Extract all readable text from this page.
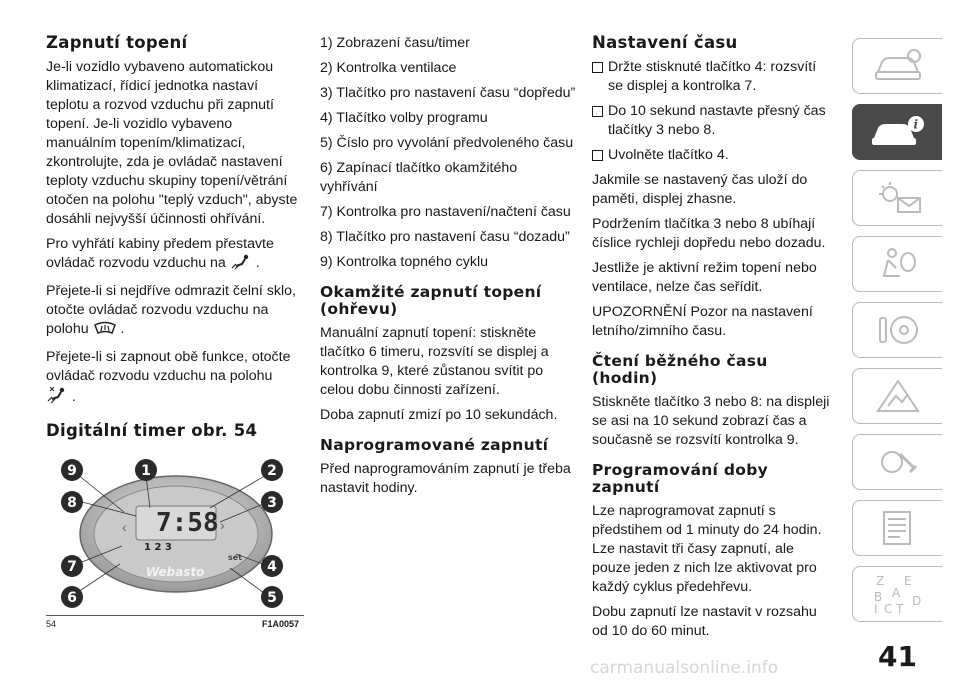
Zapnutí topení

Je-li vozidlo vybaveno automatickou klimatizací, řídicí jednotka nastaví teplotu a rozvod vzduchu při zapnutí topení. Je-li vozidlo vybaveno manuálním topením/klimatizací, zkontrolujte, zda je ovládač nastavení teploty vzduchu skupiny topení/větrání otočen na polohu "teplý vzduch", abyste dosáhli nejvyšší účinnosti ohřívání.

Pro vyhřátí kabiny předem přestavte ovládač rozvodu vzduchu na .

Přejete-li si nejdříve odmrazit čelní sklo, otočte ovládač rozvodu vzduchu na polohu .

Přejete-li si zapnout obě funkce, otočte ovládač rozvodu vzduchu na polohu
.

Digitální timer obr. 54
7:58
1 2 3
‹	›
set
Webasto
9	1	2
8	3
7	4
6	5
54	F1A0057
1) Zobrazení času/timer
2) Kontrolka ventilace
3) Tlačítko pro nastavení času “dopředu”
4) Tlačítko volby programu
5) Číslo pro vyvolání předvoleného času
6) Zapínací tlačítko okamžitého vyhřívání
7) Kontrolka pro nastavení/načtení času
8) Tlačítko pro nastavení času “dozadu”
9) Kontrolka topného cyklu
Okamžité zapnutí topení (ohřevu)

Manuální zapnutí topení: stiskněte tlačítko 6 timeru, rozsvítí se displej a kontrolka 9, které zůstanou svítit po celou dobu činnosti zařízení.

Doba zapnutí zmizí po 10 sekundách.

Naprogramované zapnutí

Před naprogramováním zapnutí je třeba nastavit hodiny.

Nastavení času
Držte stisknuté tlačítko 4: rozsvítí se displej a kontrolka 7.
Do 10 sekund nastavte přesný čas tlačítky 3 nebo 8.
Uvolněte tlačítko 4.

Jakmile se nastavený čas uloží do paměti, displej zhasne.

Podržením tlačítka 3 nebo 8 ubíhají číslice rychleji dopředu nebo dozadu.

Jestliže je aktivní režim topení nebo ventilace, nelze čas seřídit.

UPOZORNĚNÍ Pozor na nastavení letního/zimního času.

Čtení běžného času (hodin)

Stiskněte tlačítko 3 nebo 8: na displeji se asi na 10 sekund zobrazí čas a současně se rozsvítí kontrolka 9.

Programování doby zapnutí

Lze naprogramovat zapnutí s předstihem od 1 minuty do 24 hodin. Lze nastavit tři časy zapnutí, ale pouze jeden z nich lze aktivovat pro každý cyklus předehřevu.

Dobu zapnutí lze nastavit v rozsahu od 10 do 60 minut.

i
Z E
A
B
I C T
D
41
carmanualsonline.info
